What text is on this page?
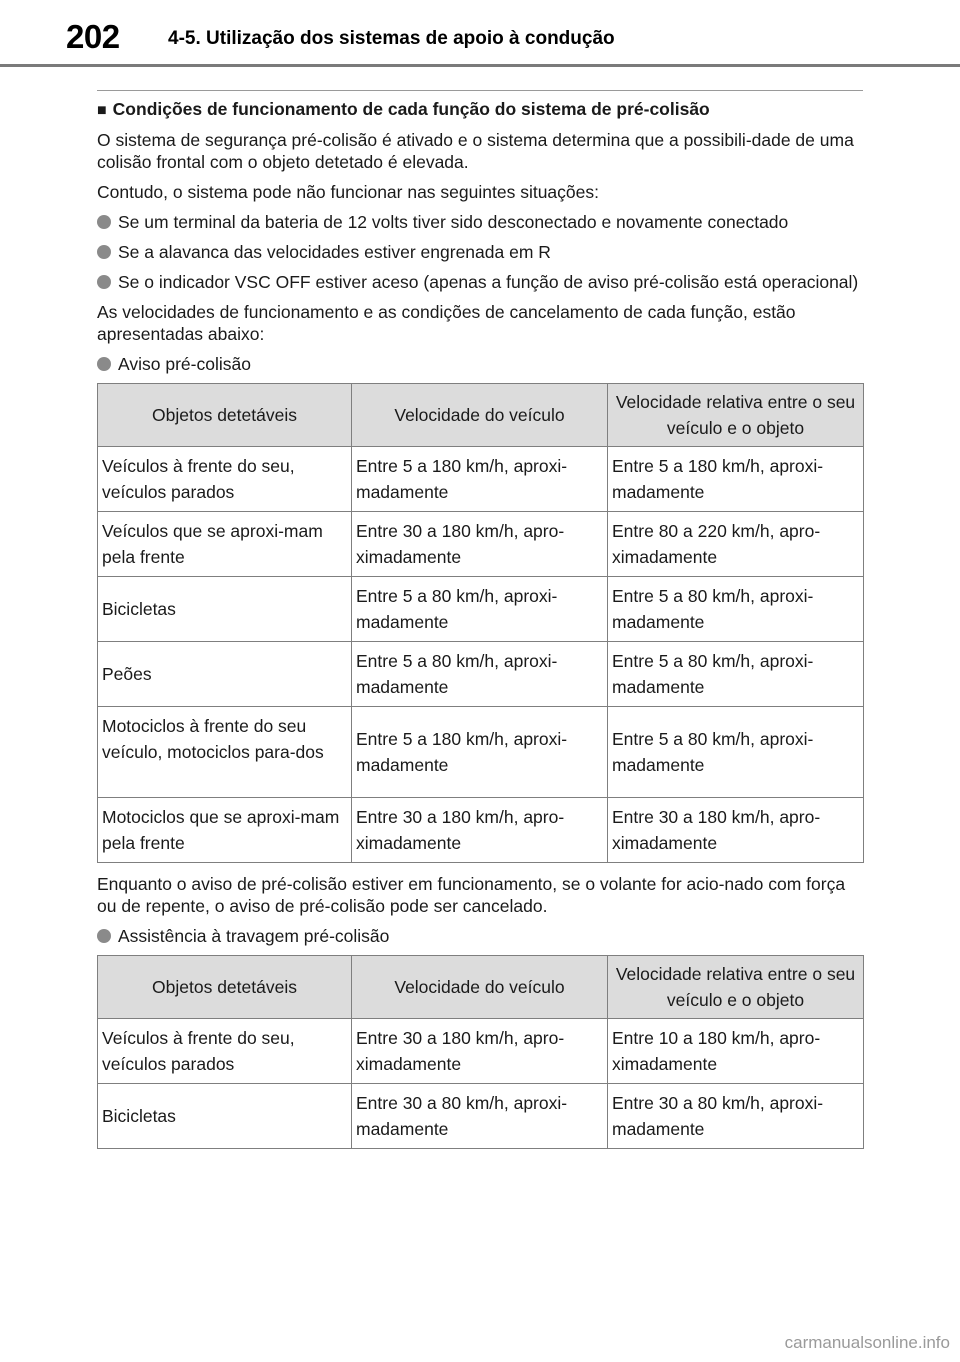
202	4-5. Utilização dos sistemas de apoio à condução
■ Condições de funcionamento de cada função do sistema de pré-colisão

O sistema de segurança pré-colisão é ativado e o sistema determina que a possibili-dade de uma colisão frontal com o objeto detetado é elevada.

Contudo, o sistema pode não funcionar nas seguintes situações:

Se um terminal da bateria de 12 volts tiver sido desconectado e novamente conectado
Se a alavanca das velocidades estiver engrenada em R
Se o indicador VSC OFF estiver aceso (apenas a função de aviso pré-colisão está operacional)

As velocidades de funcionamento e as condições de cancelamento de cada função, estão apresentadas abaixo:

Aviso pré-colisão
Objetos detetáveis	Velocidade do veículo	Velocidade relativa entre o seu veículo e o objeto
Veículos à frente do seu, veículos parados	Entre 5 a 180 km/h, aproxi-madamente	Entre 5 a 180 km/h, aproxi-madamente
Veículos que se aproxi-mam pela frente	Entre 30 a 180 km/h, apro-ximadamente	Entre 80 a 220 km/h, apro-ximadamente
Bicicletas	Entre 5 a 80 km/h, aproxi-madamente	Entre 5 a 80 km/h, aproxi-madamente
Peões	Entre 5 a 80 km/h, aproxi-madamente	Entre 5 a 80 km/h, aproxi-madamente
Motociclos à frente do seu veículo, motociclos para-dos	Entre 5 a 180 km/h, aproxi-madamente	Entre 5 a 80 km/h, aproxi-madamente
Motociclos que se aproxi-mam pela frente	Entre 30 a 180 km/h, apro-ximadamente	Entre 30 a 180 km/h, apro-ximadamente

Enquanto o aviso de pré-colisão estiver em funcionamento, se o volante for acio-nado com força ou de repente, o aviso de pré-colisão pode ser cancelado.

Assistência à travagem pré-colisão
Objetos detetáveis	Velocidade do veículo	Velocidade relativa entre o seu veículo e o objeto
Veículos à frente do seu, veículos parados	Entre 30 a 180 km/h, apro-ximadamente	Entre 10 a 180 km/h, apro-ximadamente
Bicicletas	Entre 30 a 80 km/h, aproxi-madamente	Entre 30 a 80 km/h, aproxi-madamente
carmanualsonline.info
